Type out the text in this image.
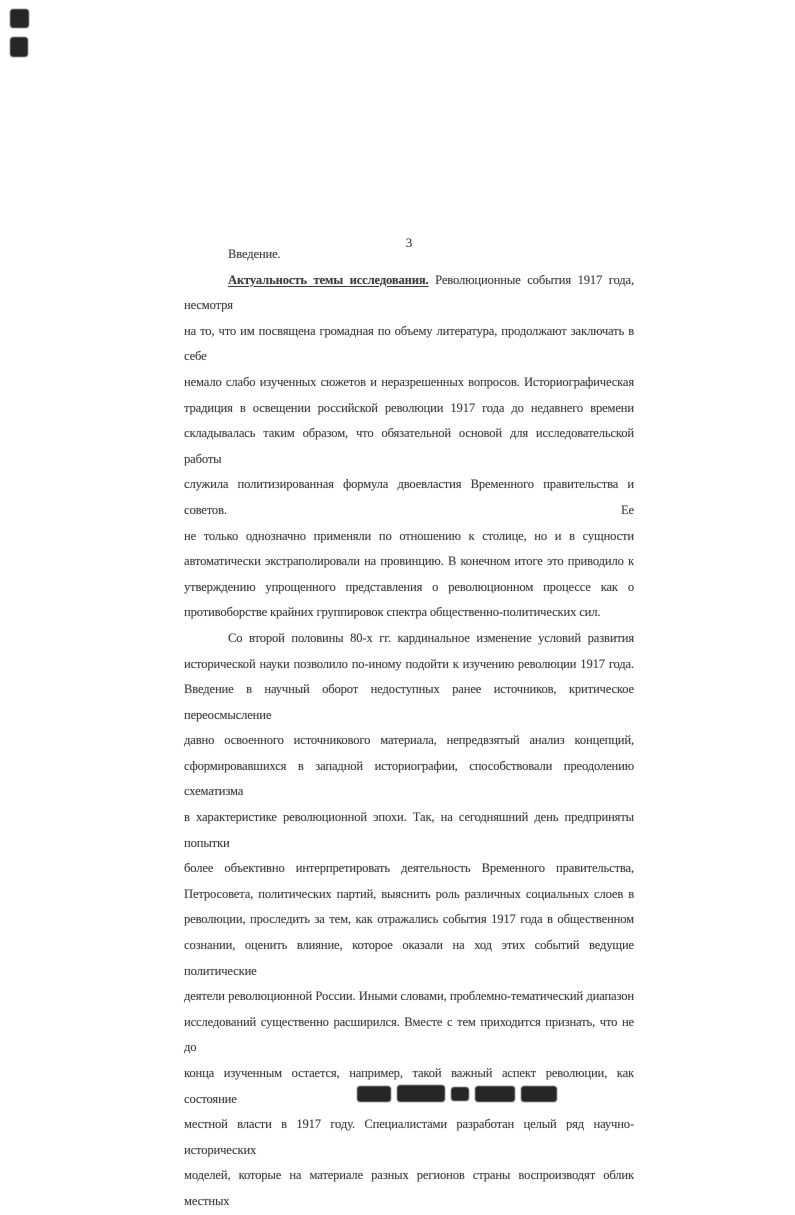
3
Введение.
Актуальность темы исследования. Революционные события 1917 года, несмотря
на то, что им посвящена громадная по объему литература, продолжают заключать в себе
немало слабо изученных сюжетов и неразрешенных вопросов. Историографическая
традиция в освещении российской революции 1917 года до недавнего времени
складывалась таким образом, что обязательной основой для исследовательской работы
служила политизированная формула двоевластия Временного правительства и советов. Ее
не только однозначно применяли по отношению к столице, но и в сущности
автоматически экстраполировали на провинцию. В конечном итоге это приводило к
утверждению упрощенного представления о революционном процессе как о
противоборстве крайних группировок спектра общественно-политических сил.
Со второй половины 80-х гг. кардинальное изменение условий развития
исторической науки позволило по-иному подойти к изучению революции 1917 года.
Введение в научный оборот недоступных ранее источников, критическое переосмысление
давно освоенного источникового материала, непредвзятый анализ концепций,
сформировавшихся в западной историографии, способствовали преодолению схематизма
в характеристике революционной эпохи. Так, на сегодняшний день предприняты попытки
более объективно интерпретировать деятельность Временного правительства,
Петросовета, политических партий, выяснить роль различных социальных слоев в
революции, проследить за тем, как отражались события 1917 года в общественном
сознании, оценить влияние, которое оказали на ход этих событий ведущие политические
деятели революционной России. Иными словами, проблемно-тематический диапазон
исследований существенно расширился. Вместе с тем приходится признать, что не до
конца изученным остается, например, такой важный аспект революции, как состояние
местной власти в 1917 году. Специалистами разработан целый ряд научно-исторических
моделей, которые на материале разных регионов страны воспроизводят облик местных
